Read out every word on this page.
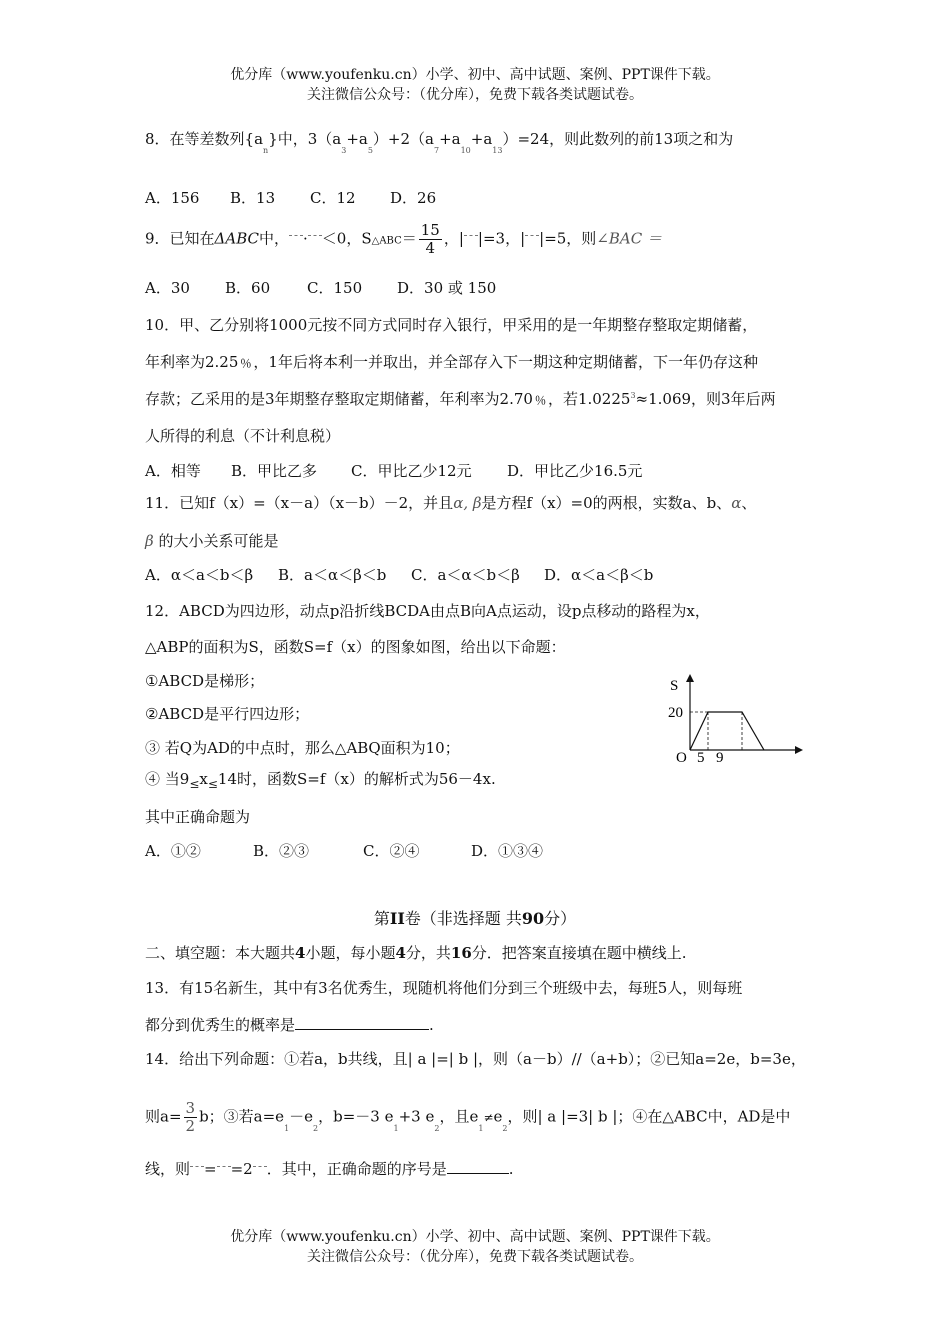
优分库（www.youfenku.cn）小学、初中、高中试题、案例、PPT课件下载。
关注微信公众号：（优分库），免费下载各类试题试卷。
8．在等差数列$\{a_n\}$中，$3(a_3+a_5)+2(a_7+a_{10}+a_{13})=24$，则此数列的前13项之和为
A．156 B．13 C．12 D．26
9．已知在ΔABC中， · ＜0，S△ABC＝ $\frac{15}{4}$ ，| |=3，| |=5，则∠BAC ＝
A．30 B．60 C．150 D．30 或 150
10．甲、乙分别将1000元按不同方式同时存入银行，甲采用的是一年期整存整取定期储蓄，
年利率为2.25﹪，1年后将本利一并取出，并全部存入下一期这种定期储蓄，下一年仍存这种
存款；乙采用的是3年期整存整取定期储蓄，年利率为2.70﹪，若$1.0225^3\approx 1.069$，则3年后两
人所得的利息（不计利息税）
A．相等 B．甲比乙多 C．甲比乙少12元 D．甲比乙少16.5元
11．已知f（x）=（x－a）（x－b）－2，并且α, β是方程f（x）=0的两根，实数a、b、α、
β 的大小关系可能是
A．α＜a＜b＜β B．a＜α＜β＜b C．a＜α＜b＜β D．α＜a＜β＜b
12．ABCD为四边形，动点p沿折线BCDA由点B向A点运动，设p点移动的路程为x，
△ABP的面积为S，函数S=f（x）的图象如图，给出以下命题：
①ABCD是梯形；
②ABCD是平行四边形；
③ 若Q为AD的中点时，那么△ABQ面积为10；
④ 当$9_\le x_\le 14$时，函数S=f（x）的解析式为56－4x.
其中正确命题为
A．①②	B．②③	C．②④	D．①③④
S
20
O 5 9
第II卷（非选择题 共90分）
二、填空题：本大题共4小题，每小题4分，共16分．把答案直接填在题中横线上.
13．有15名新生，其中有3名优秀生，现随机将他们分到三个班级中去，每班5人，则每班
都分到优秀生的概率是	.
14．给出下列命题：①若a，b共线，且| a |=| b |，则（a－b）//（a+b）；②已知a=2e，b=3e，
则$a= \frac{3}{2}$ b；③若$a=e_1-e_2$，b=－3 $e_1+3$ $e_2$，且$e_1\ne e_2$，则| a |=3| b |；④在△ABC中，AD是中
线，则 = =2 ．其中，正确命题的序号是	.
优分库（www.youfenku.cn）小学、初中、高中试题、案例、PPT课件下载。
关注微信公众号：（优分库），免费下载各类试题试卷。
